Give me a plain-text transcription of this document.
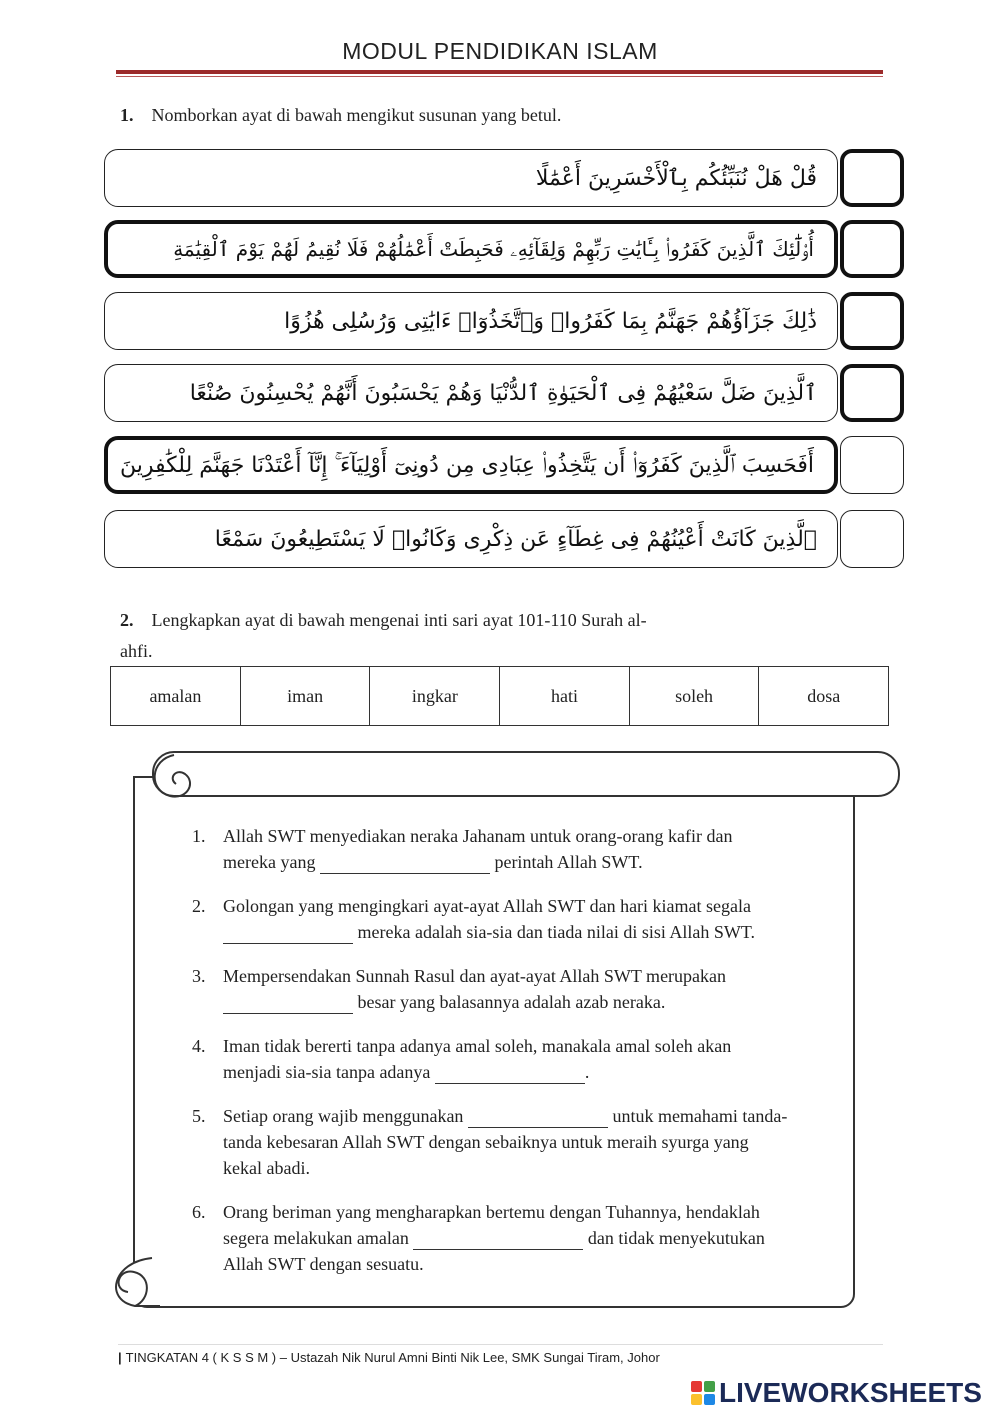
MODUL PENDIDIKAN ISLAM
1. Nomborkan ayat di bawah mengikut susunan yang betul.
قُلْ هَلْ نُنَبِّئُكُم بِٱلْأَخْسَرِينَ أَعْمَٰلًا
أُو۟لَٰٓئِكَ ٱلَّذِينَ كَفَرُوا۟ بِـَٔايَٰتِ رَبِّهِمْ وَلِقَآئِهِۦ فَحَبِطَتْ أَعْمَٰلُهُمْ فَلَا نُقِيمُ لَهُمْ يَوْمَ ٱلْقِيَٰمَةِ
ذَٰلِكَ جَزَآؤُهُمْ جَهَنَّمُ بِمَا كَفَرُوا۟ وَٱتَّخَذُوٓا۟ ءَايَٰتِى وَرُسُلِى هُزُوًا
ٱلَّذِينَ ضَلَّ سَعْيُهُمْ فِى ٱلْحَيَوٰةِ ٱلدُّنْيَا وَهُمْ يَحْسَبُونَ أَنَّهُمْ يُحْسِنُونَ صُنْعًا
أَفَحَسِبَ ٱلَّذِينَ كَفَرُوٓا۟ أَن يَتَّخِذُوا۟ عِبَادِى مِن دُونِىٓ أَوْلِيَآءَ ۚ إِنَّآ أَعْتَدْنَا جَهَنَّمَ لِلْكَٰفِرِينَ
ٱلَّذِينَ كَانَتْ أَعْيُنُهُمْ فِى غِطَآءٍ عَن ذِكْرِى وَكَانُوا۟ لَا يَسْتَطِيعُونَ سَمْعًا
2. Lengkapkan ayat di bawah mengenai inti sari ayat 101-110 Surah al-
ahfi.
amalan	iman	ingkar	hati	soleh	dosa
1. Allah SWT menyediakan neraka Jahanam untuk orang-orang kafir dan
mereka yang	perintah Allah SWT.
2. Golongan yang mengingkari ayat-ayat Allah SWT dan hari kiamat segala
mereka adalah sia-sia dan tiada nilai di sisi Allah SWT.
3. Mempersendakan Sunnah Rasul dan ayat-ayat Allah SWT merupakan
besar yang balasannya adalah azab neraka.
4. Iman tidak bererti tanpa adanya amal soleh, manakala amal soleh akan
menjadi sia-sia tanpa adanya	.
5. Setiap orang wajib menggunakan	untuk memahami tanda-
tanda kebesaran Allah SWT dengan sebaiknya untuk meraih syurga yang
kekal abadi.
6. Orang beriman yang mengharapkan bertemu dengan Tuhannya, hendaklah
segera melakukan amalan	dan tidak menyekutukan
Allah SWT dengan sesuatu.
| TINGKATAN 4 ( K S S M ) – Ustazah Nik Nurul Amni Binti Nik Lee, SMK Sungai Tiram, Johor
LIVEWORKSHEETS
